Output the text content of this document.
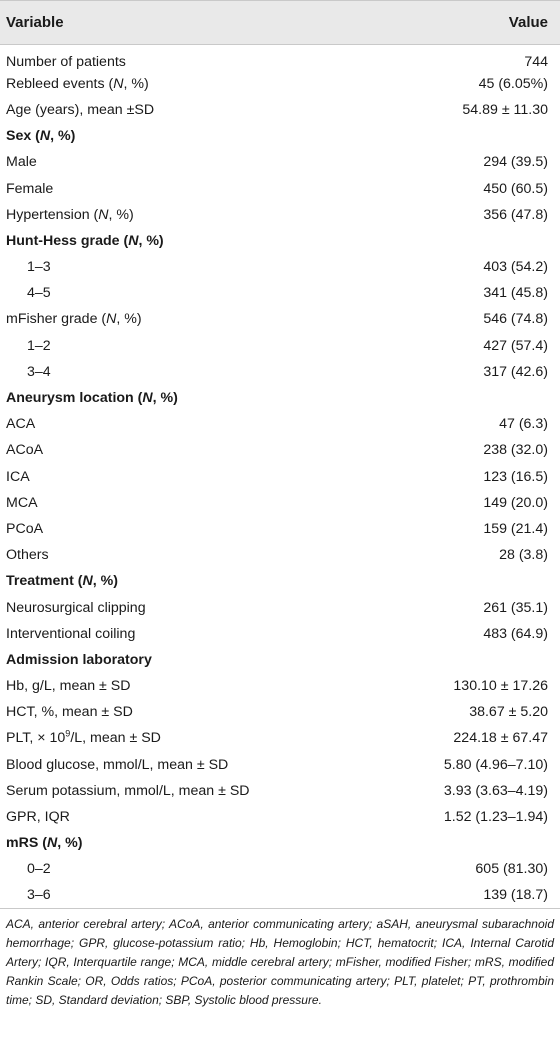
Variable	Value
Number of patients	744
Rebleed events (N, %)	45 (6.05%)
Age (years), mean ±SD	54.89 ± 11.30
Sex (N, %)	
Male	294 (39.5)
Female	450 (60.5)
Hypertension (N, %)	356 (47.8)
Hunt-Hess grade (N, %)	
1–3	403 (54.2)
4–5	341 (45.8)
mFisher grade (N, %)	546 (74.8)
1–2	427 (57.4)
3–4	317 (42.6)
Aneurysm location (N, %)	
ACA	47 (6.3)
ACoA	238 (32.0)
ICA	123 (16.5)
MCA	149 (20.0)
PCoA	159 (21.4)
Others	28 (3.8)
Treatment (N, %)	
Neurosurgical clipping	261 (35.1)
Interventional coiling	483 (64.9)
Admission laboratory	
Hb, g/L, mean ± SD	130.10 ± 17.26
HCT, %, mean ± SD	38.67 ± 5.20
PLT, × $10^9/L$, mean ± SD	224.18 ± 67.47
Blood glucose, mmol/L, mean ± SD	5.80 (4.96–7.10)
Serum potassium, mmol/L, mean ± SD	3.93 (3.63–4.19)
GPR, IQR	1.52 (1.23–1.94)
mRS (N, %)	
0–2	605 (81.30)
3–6	139 (18.7)
ACA, anterior cerebral artery; ACoA, anterior communicating artery; aSAH, aneurysmal subarachnoid hemorrhage; GPR, glucose-potassium ratio; Hb, Hemoglobin; HCT, hematocrit; ICA, Internal Carotid Artery; IQR, Interquartile range; MCA, middle cerebral artery; mFisher, modified Fisher; mRS, modified Rankin Scale; OR, Odds ratios; PCoA, posterior communicating artery; PLT, platelet; PT, prothrombin time; SD, Standard deviation; SBP, Systolic blood pressure.
